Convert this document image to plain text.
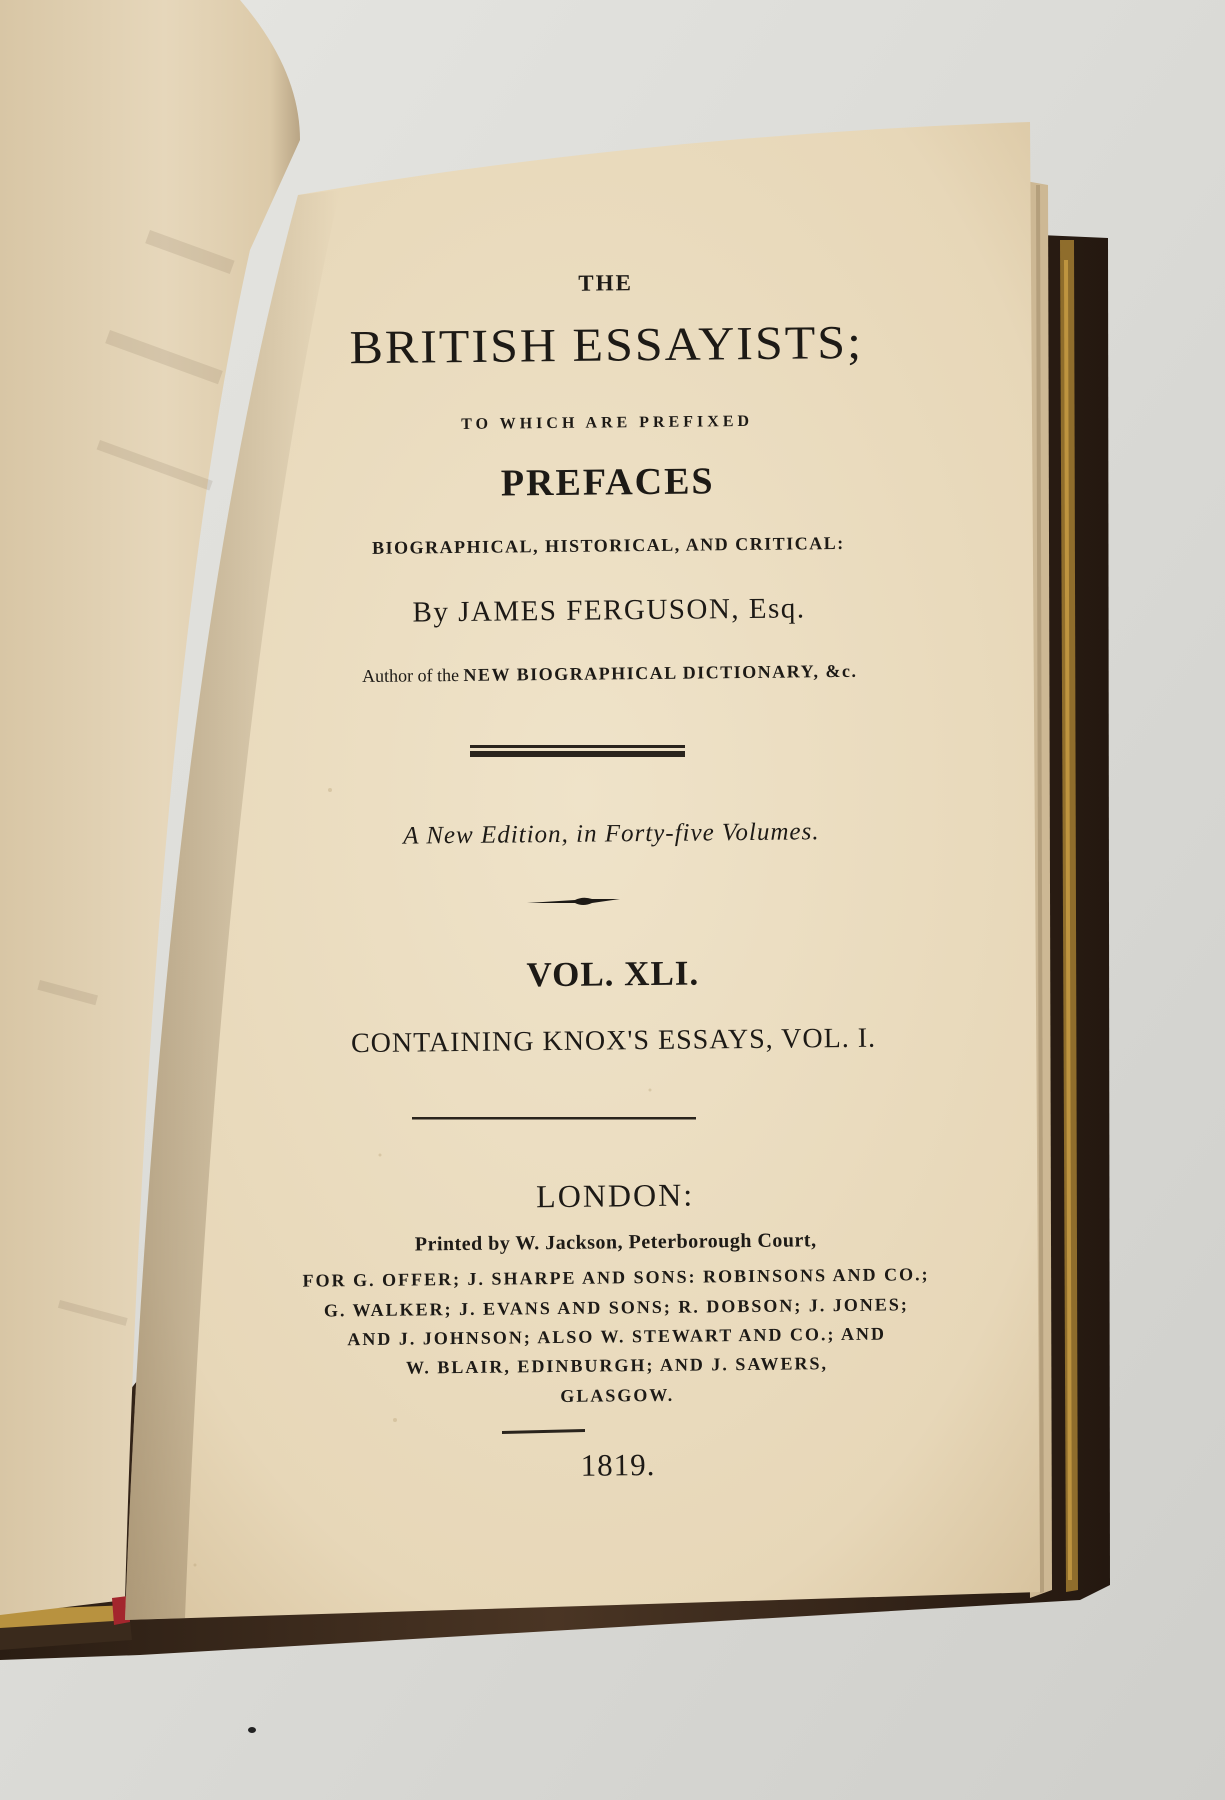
THE
BRITISH ESSAYISTS;
TO WHICH ARE PREFIXED
PREFACES
BIOGRAPHICAL, HISTORICAL, AND CRITICAL:
By JAMES FERGUSON, Esq.
Author of the NEW BIOGRAPHICAL DICTIONARY, &c.
A New Edition, in Forty-five Volumes.
VOL. XLI.
CONTAINING KNOX'S ESSAYS, VOL. I.
LONDON:
Printed by W. Jackson, Peterborough Court,
FOR G. OFFER; J. SHARPE AND SONS: ROBINSONS AND CO.;
G. WALKER; J. EVANS AND SONS; R. DOBSON; J. JONES;
AND J. JOHNSON; ALSO W. STEWART AND CO.; AND
W. BLAIR, EDINBURGH; AND J. SAWERS,
GLASGOW.
1819.
